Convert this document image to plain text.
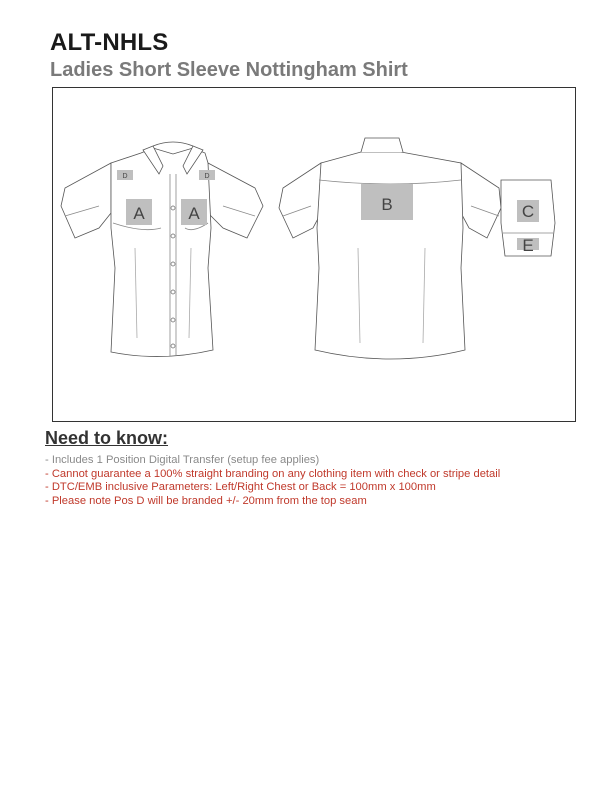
ALT-NHLS
Ladies Short Sleeve Nottingham Shirt
D	D
A	A	B	C
E
Need to know:
- Includes 1 Position Digital Transfer (setup fee applies)
- Cannot guarantee a 100% straight branding on any clothing item with check or stripe detail
- DTC/EMB inclusive Parameters: Left/Right Chest or Back = 100mm x 100mm
- Please note Pos D will be branded +/- 20mm from the top seam
